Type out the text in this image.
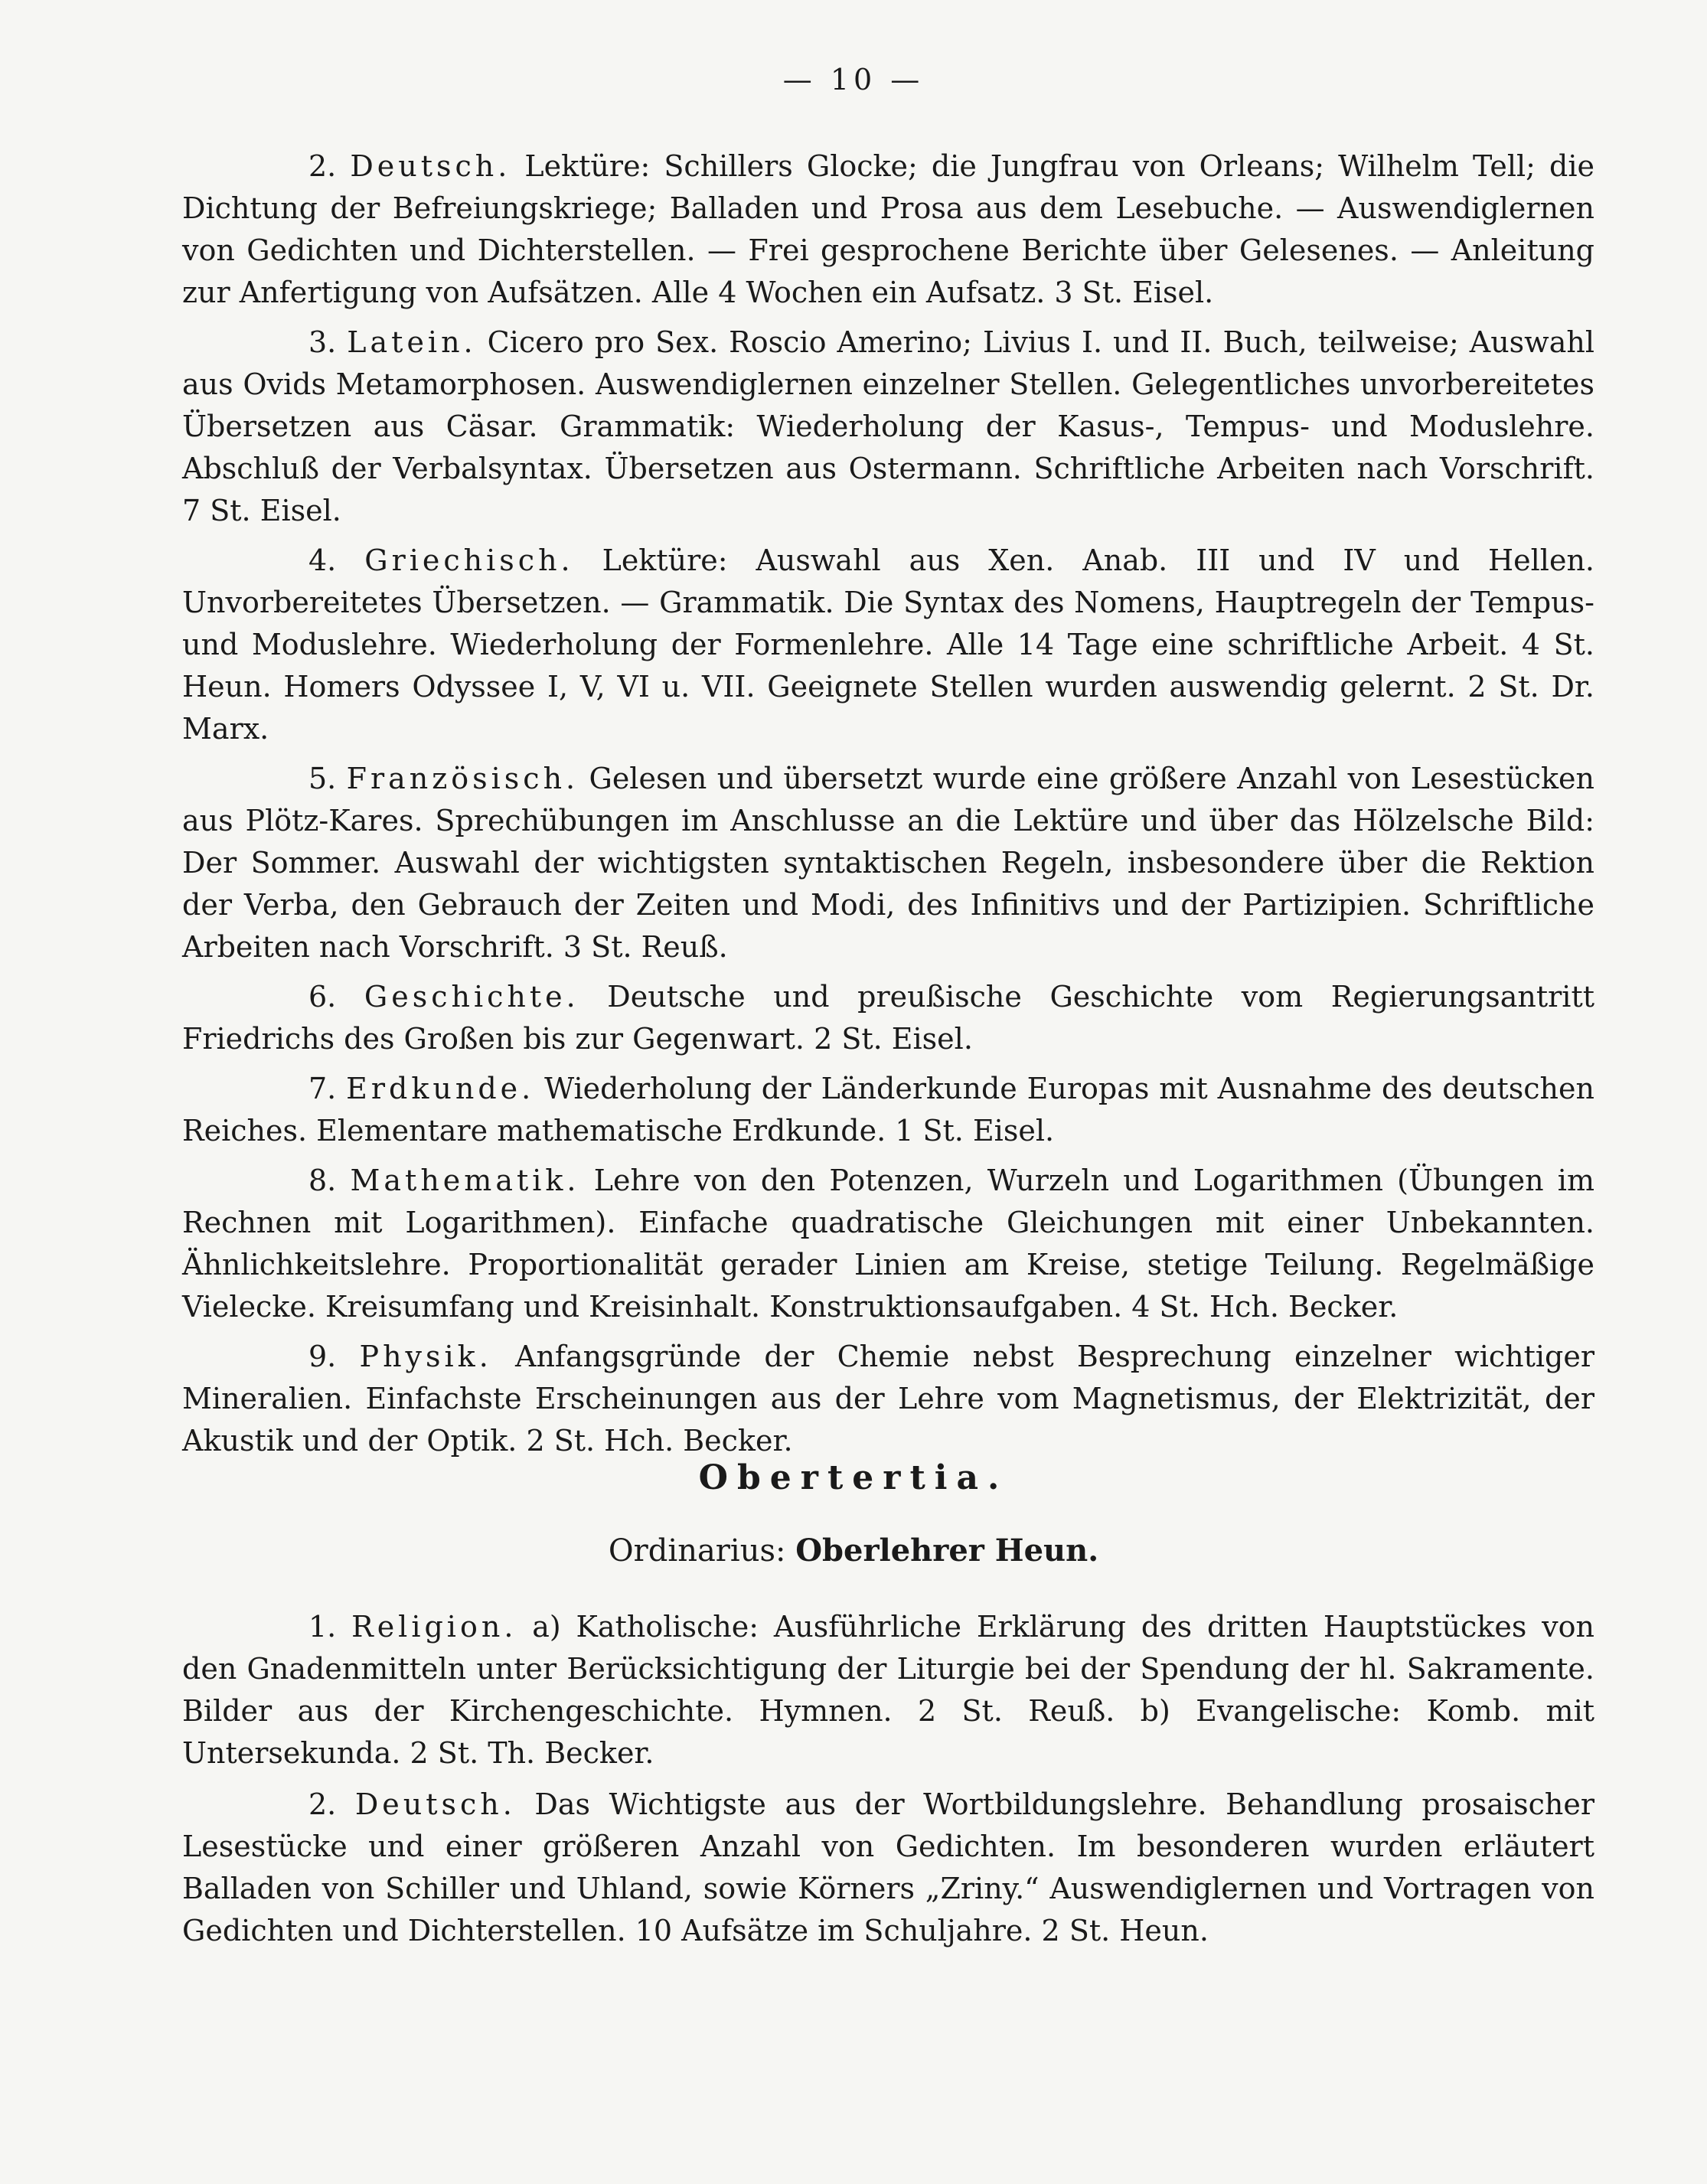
— 10 —

2. Deutsch. Lektüre: Schillers Glocke; die Jungfrau von Orleans; Wilhelm Tell; die Dichtung der Befreiungskriege; Balladen und Prosa aus dem Lesebuche. — Auswendiglernen von Gedichten und Dichterstellen. — Frei gesprochene Berichte über Gelesenes. — Anleitung zur Anfertigung von Aufsätzen. Alle 4 Wochen ein Aufsatz. 3 St. Eisel.

3. Latein. Cicero pro Sex. Roscio Amerino; Livius I. und II. Buch, teilweise; Auswahl aus Ovids Metamorphosen. Auswendiglernen einzelner Stellen. Gelegentliches unvorbereitetes Übersetzen aus Cäsar. Grammatik: Wiederholung der Kasus-, Tempus- und Moduslehre. Abschluß der Verbalsyntax. Übersetzen aus Ostermann. Schriftliche Arbeiten nach Vorschrift. 7 St. Eisel.

4. Griechisch. Lektüre: Auswahl aus Xen. Anab. III und IV und Hellen. Unvorbereitetes Übersetzen. — Grammatik. Die Syntax des Nomens, Hauptregeln der Tempus- und Moduslehre. Wiederholung der Formenlehre. Alle 14 Tage eine schriftliche Arbeit. 4 St. Heun. Homers Odyssee I, V, VI u. VII. Geeignete Stellen wurden auswendig gelernt. 2 St. Dr. Marx.

5. Französisch. Gelesen und übersetzt wurde eine größere Anzahl von Lesestücken aus Plötz-Kares. Sprechübungen im Anschlusse an die Lektüre und über das Hölzelsche Bild: Der Sommer. Auswahl der wichtigsten syntaktischen Regeln, insbesondere über die Rektion der Verba, den Gebrauch der Zeiten und Modi, des Infinitivs und der Partizipien. Schriftliche Arbeiten nach Vorschrift. 3 St. Reuß.

6. Geschichte. Deutsche und preußische Geschichte vom Regierungsantritt Friedrichs des Großen bis zur Gegenwart. 2 St. Eisel.

7. Erdkunde. Wiederholung der Länderkunde Europas mit Ausnahme des deutschen Reiches. Elementare mathematische Erdkunde. 1 St. Eisel.

8. Mathematik. Lehre von den Potenzen, Wurzeln und Logarithmen (Übungen im Rechnen mit Logarithmen). Einfache quadratische Gleichungen mit einer Unbekannten. Ähnlichkeitslehre. Proportionalität gerader Linien am Kreise, stetige Teilung. Regelmäßige Vielecke. Kreisumfang und Kreisinhalt. Konstruktionsaufgaben. 4 St. Hch. Becker.

9. Physik. Anfangsgründe der Chemie nebst Besprechung einzelner wichtiger Mineralien. Einfachste Erscheinungen aus der Lehre vom Magnetismus, der Elektrizität, der Akustik und der Optik. 2 St. Hch. Becker.

Obertertia.
Ordinarius: Oberlehrer Heun.

1. Religion. a) Katholische: Ausführliche Erklärung des dritten Hauptstückes von den Gnadenmitteln unter Berücksichtigung der Liturgie bei der Spendung der hl. Sakramente. Bilder aus der Kirchengeschichte. Hymnen. 2 St. Reuß. b) Evangelische: Komb. mit Untersekunda. 2 St. Th. Becker.

2. Deutsch. Das Wichtigste aus der Wortbildungslehre. Behandlung prosaischer Lesestücke und einer größeren Anzahl von Gedichten. Im besonderen wurden erläutert Balladen von Schiller und Uhland, sowie Körners „Zriny.“ Auswendiglernen und Vortragen von Gedichten und Dichterstellen. 10 Aufsätze im Schuljahre. 2 St. Heun.
